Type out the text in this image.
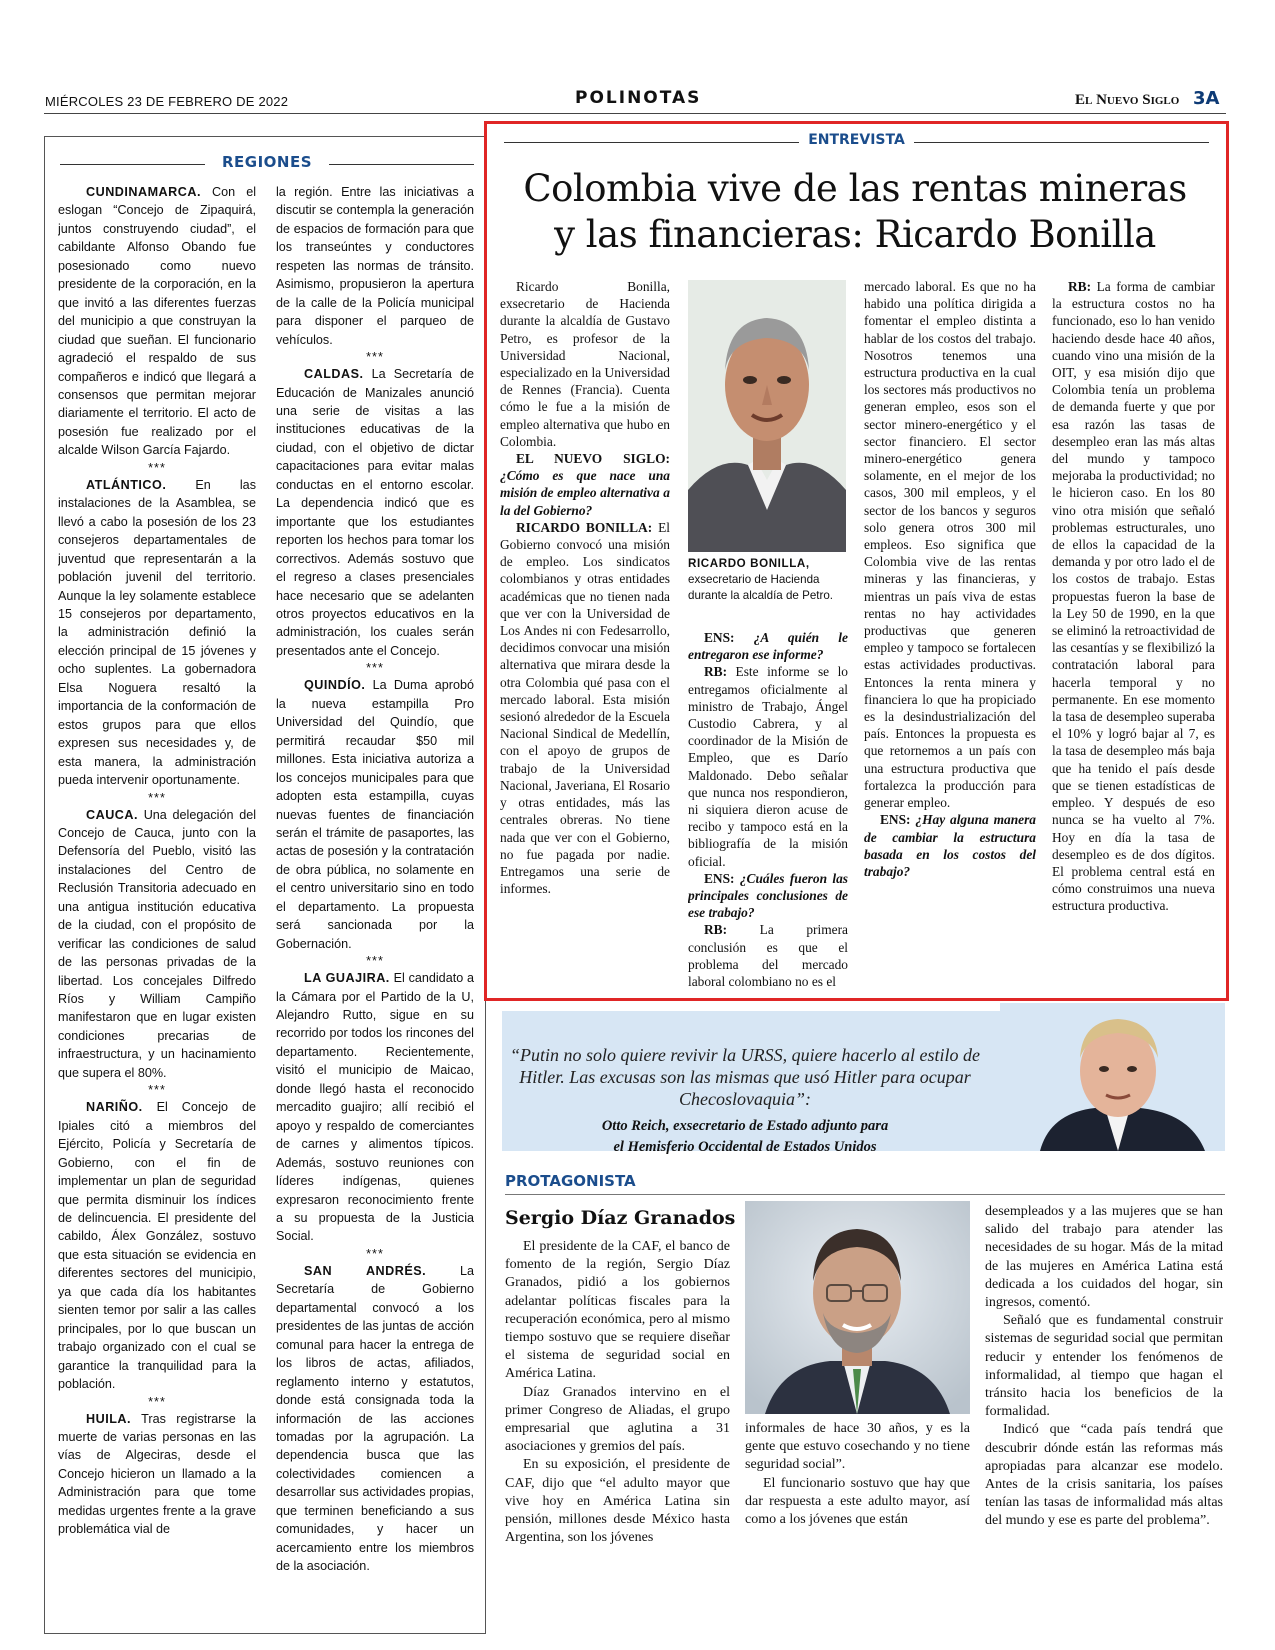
MIÉRCOLES 23 DE FEBRERO DE 2022	POLINOTAS	El Nuevo Siglo 3A
REGIONES

CUNDINAMARCA. Con el eslogan “Concejo de Zipaquirá, juntos construyendo ciudad”, el cabildante Alfonso Obando fue posesionado como nuevo presidente de la corporación, en la que invitó a las diferentes fuerzas del municipio a que construyan la ciudad que sueñan. El funcionario agradeció el respaldo de sus compañeros e indicó que llegará a consensos que permitan mejorar diariamente el territorio. El acto de posesión fue realizado por el alcalde Wilson García Fajardo.

***

ATLÁNTICO. En las instalaciones de la Asamblea, se llevó a cabo la posesión de los 23 consejeros departamentales de juventud que representarán a la población juvenil del territorio. Aunque la ley solamente establece 15 consejeros por departamento, la administración definió la elección principal de 15 jóvenes y ocho suplentes. La gobernadora Elsa Noguera resaltó la importancia de la conformación de estos grupos para que ellos expresen sus necesidades y, de esta manera, la administración pueda intervenir oportunamente.

***

CAUCA. Una delegación del Concejo de Cauca, junto con la Defensoría del Pueblo, visitó las instalaciones del Centro de Reclusión Transitoria adecuado en una antigua institución educativa de la ciudad, con el propósito de verificar las condiciones de salud de las personas privadas de la libertad. Los concejales Dilfredo Ríos y William Campiño manifestaron que en lugar existen condiciones precarias de infraestructura, y un hacinamiento que supera el 80%.

***

NARIÑO. El Concejo de Ipiales citó a miembros del Ejército, Policía y Secretaría de Gobierno, con el fin de implementar un plan de seguridad que permita disminuir los índices de delincuencia. El presidente del cabildo, Álex González, sostuvo que esta situación se evidencia en diferentes sectores del municipio, ya que cada día los habitantes sienten temor por salir a las calles principales, por lo que buscan un trabajo organizado con el cual se garantice la tranquilidad para la población.

***

HUILA. Tras registrarse la muerte de varias personas en las vías de Algeciras, desde el Concejo hicieron un llamado a la Administración para que tome medidas urgentes frente a la grave problemática vial de

la región. Entre las iniciativas a discutir se contempla la generación de espacios de formación para que los transeúntes y conductores respeten las normas de tránsito. Asimismo, propusieron la apertura de la calle de la Policía municipal para disponer el parqueo de vehículos.

***

CALDAS. La Secretaría de Educación de Manizales anunció una serie de visitas a las instituciones educativas de la ciudad, con el objetivo de dictar capacitaciones para evitar malas conductas en el entorno escolar. La dependencia indicó que es importante que los estudiantes reporten los hechos para tomar los correctivos. Además sostuvo que el regreso a clases presenciales hace necesario que se adelanten otros proyectos educativos en la administración, los cuales serán presentados ante el Concejo.

***

QUINDÍO. La Duma aprobó la nueva estampilla Pro Universidad del Quindío, que permitirá recaudar $50 mil millones. Esta iniciativa autoriza a los concejos municipales para que adopten esta estampilla, cuyas nuevas fuentes de financiación serán el trámite de pasaportes, las actas de posesión y la contratación de obra pública, no solamente en el centro universitario sino en todo el departamento. La propuesta será sancionada por la Gobernación.

***

LA GUAJIRA. El candidato a la Cámara por el Partido de la U, Alejandro Rutto, sigue en su recorrido por todos los rincones del departamento. Recientemente, visitó el municipio de Maicao, donde llegó hasta el reconocido mercadito guajiro; allí recibió el apoyo y respaldo de comerciantes de carnes y alimentos típicos. Además, sostuvo reuniones con líderes indígenas, quienes expresaron reconocimiento frente a su propuesta de la Justicia Social.

***

SAN ANDRÉS. La Secretaría de Gobierno departamental convocó a los presidentes de las juntas de acción comunal para hacer la entrega de los libros de actas, afiliados, reglamento interno y estatutos, donde está consignada toda la información de las acciones tomadas por la agrupación. La dependencia busca que las colectividades comiencen a desarrollar sus actividades propias, que terminen beneficiando a sus comunidades, y hacer un acercamiento entre los miembros de la asociación.

ENTREVISTA
Colombia vive de las rentas mineras
y las financieras: Ricardo Bonilla

Ricardo Bonilla, exsecretario de Hacienda durante la alcaldía de Gustavo Petro, es profesor de la Universidad Nacional, especializado en la Universidad de Rennes (Francia). Cuenta cómo le fue a la misión de empleo alternativa que hubo en Colombia.

EL NUEVO SIGLO: ¿Cómo es que nace una misión de empleo alternativa a la del Gobierno?

RICARDO BONILLA: El Gobierno convocó una misión de empleo. Los sindicatos colombianos y otras entidades académicas que no tienen nada que ver con la Universidad de Los Andes ni con Fedesarrollo, decidimos convocar una misión alternativa que mirara desde la otra Colombia qué pasa con el mercado laboral. Esta misión sesionó alrededor de la Escuela Nacional Sindical de Medellín, con el apoyo de grupos de trabajo de la Universidad Nacional, Javeriana, El Rosario y otras entidades, más las centrales obreras. No tiene nada que ver con el Gobierno, no fue pagada por nadie. Entregamos una serie de informes.

RICARDO BONILLA,
exsecretario de Hacienda durante la alcaldía de Petro.

ENS: ¿A quién le entregaron ese informe?

RB: Este informe se lo entregamos oficialmente al ministro de Trabajo, Ángel Custodio Cabrera, y al coordinador de la Misión de Empleo, que es Darío Maldonado. Debo señalar que nunca nos respondieron, ni siquiera dieron acuse de recibo y tampoco está en la bibliografía de la misión oficial.

ENS: ¿Cuáles fueron las principales conclusiones de ese trabajo?

RB: La primera conclusión es que el problema del mercado laboral colombiano no es el

mercado laboral. Es que no ha habido una política dirigida a fomentar el empleo distinta a hablar de los costos del trabajo. Nosotros tenemos una estructura productiva en la cual los sectores más productivos no generan empleo, esos son el sector minero-energético y el sector financiero. El sector minero-energético genera solamente, en el mejor de los casos, 300 mil empleos, y el sector de los bancos y seguros solo genera otros 300 mil empleos. Eso significa que Colombia vive de las rentas mineras y las financieras, y mientras un país viva de estas rentas no hay actividades productivas que generen empleo y tampoco se fortalecen estas actividades productivas. Entonces la renta minera y financiera lo que ha propiciado es la desindustrialización del país. Entonces la propuesta es que retornemos a un país con una estructura productiva que fortalezca la producción para generar empleo.

ENS: ¿Hay alguna manera de cambiar la estructura basada en los costos del trabajo?

RB: La forma de cambiar la estructura costos no ha funcionado, eso lo han venido haciendo desde hace 40 años, cuando vino una misión de la OIT, y esa misión dijo que Colombia tenía un problema de demanda fuerte y que por esa razón las tasas de desempleo eran las más altas del mundo y tampoco mejoraba la productividad; no le hicieron caso. En los 80 vino otra misión que señaló problemas estructurales, uno de ellos la capacidad de la demanda y por otro lado el de los costos de trabajo. Estas propuestas fueron la base de la Ley 50 de 1990, en la que se eliminó la retroactividad de las cesantías y se flexibilizó la contratación laboral para hacerla temporal y no permanente. En ese momento la tasa de desempleo superaba el 10% y logró bajar al 7, es la tasa de desempleo más baja que ha tenido el país desde que se tienen estadísticas de empleo. Y después de eso nunca se ha vuelto al 7%. Hoy en día la tasa de desempleo es de dos dígitos. El problema central está en cómo construimos una nueva estructura productiva.

“Putin no solo quiere revivir la URSS, quiere hacerlo al estilo de Hitler. Las excusas son las mismas que usó Hitler para ocupar Checoslovaquia”:
Otto Reich, exsecretario de Estado adjunto para
el Hemisferio Occidental de Estados Unidos
PROTAGONISTA
Sergio Díaz Granados

El presidente de la CAF, el banco de fomento de la región, Sergio Díaz Granados, pidió a los gobiernos adelantar políticas fiscales para la recuperación económica, pero al mismo tiempo sostuvo que se requiere diseñar el sistema de seguridad social en América Latina.

Díaz Granados intervino en el primer Congreso de Aliadas, el grupo empresarial que aglutina a 31 asociaciones y gremios del país.

En su exposición, el presidente de CAF, dijo que “el adulto mayor que vive hoy en América Latina sin pensión, millones desde México hasta Argentina, son los jóvenes

informales de hace 30 años, y es la gente que estuvo cosechando y no tiene seguridad social”.

El funcionario sostuvo que hay que dar respuesta a este adulto mayor, así como a los jóvenes que están

desempleados y a las mujeres que se han salido del trabajo para atender las necesidades de su hogar. Más de la mitad de las mujeres en América Latina está dedicada a los cuidados del hogar, sin ingresos, comentó.

Señaló que es fundamental construir sistemas de seguridad social que permitan reducir y entender los fenómenos de informalidad, al tiempo que hagan el tránsito hacia los beneficios de la formalidad.

Indicó que “cada país tendrá que descubrir dónde están las reformas más apropiadas para alcanzar ese modelo. Antes de la crisis sanitaria, los países tenían las tasas de informalidad más altas del mundo y ese es parte del problema”.
